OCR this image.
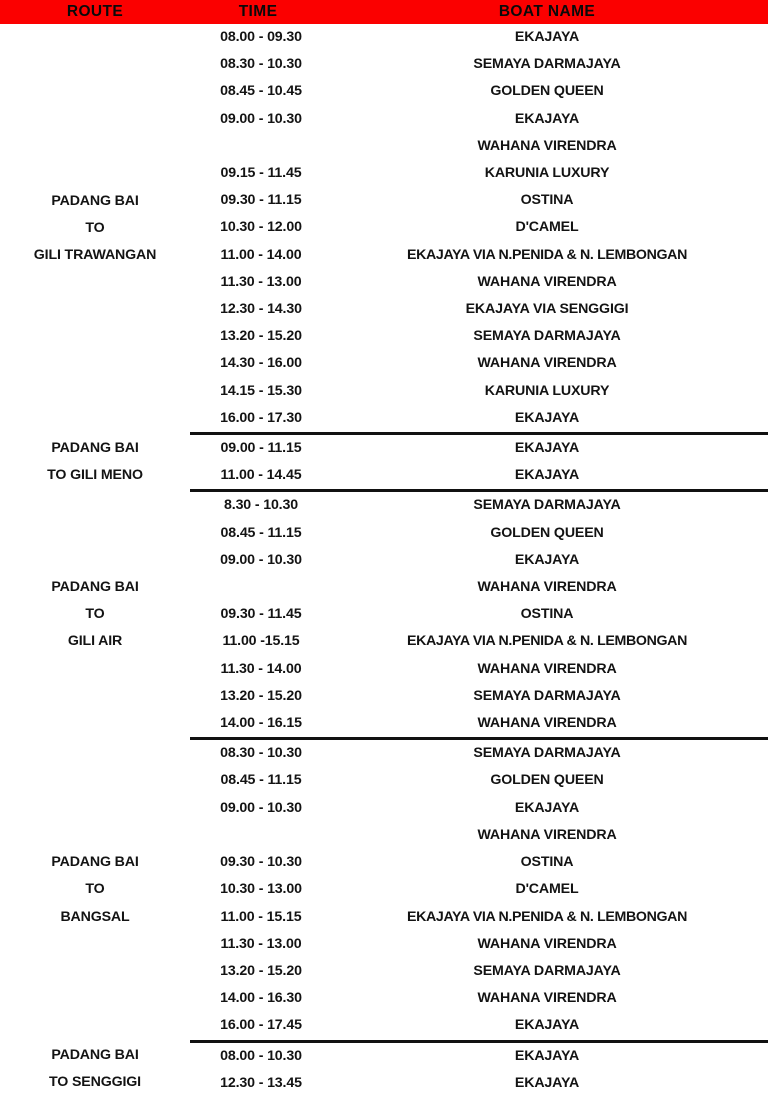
ROUTE	TIME	BOAT NAME

PADANG BAI
TO
GILI TRAWANGAN	08.00 - 09.30	EKAJAYA
	08.30 - 10.30	SEMAYA DARMAJAYA
	08.45 - 10.45	GOLDEN QUEEN
	09.00 - 10.30	EKAJAYA
		WAHANA VIRENDRA
	09.15 - 11.45	KARUNIA LUXURY
	09.30 - 11.15	OSTINA
	10.30 - 12.00	D'CAMEL
	11.00 - 14.00	EKAJAYA VIA N.PENIDA & N. LEMBONGAN
	11.30 - 13.00	WAHANA VIRENDRA
	12.30 - 14.30	EKAJAYA VIA SENGGIGI
	13.20 - 15.20	SEMAYA DARMAJAYA
	14.30 - 16.00	WAHANA VIRENDRA
	14.15 - 15.30	KARUNIA LUXURY
	16.00 - 17.30	EKAJAYA

PADANG BAI
TO GILI MENO	09.00 - 11.15	EKAJAYA
	11.00 - 14.45	EKAJAYA

PADANG BAI
TO
GILI AIR	8.30 - 10.30	SEMAYA DARMAJAYA
	08.45 - 11.15	GOLDEN QUEEN
	09.00 - 10.30	EKAJAYA
		WAHANA VIRENDRA
	09.30 - 11.45	OSTINA
	11.00 -15.15	EKAJAYA VIA N.PENIDA & N. LEMBONGAN
	11.30 - 14.00	WAHANA VIRENDRA
	13.20 - 15.20	SEMAYA DARMAJAYA
	14.00 - 16.15	WAHANA VIRENDRA

PADANG BAI
TO
BANGSAL	08.30 - 10.30	SEMAYA DARMAJAYA
	08.45 - 11.15	GOLDEN QUEEN
	09.00 - 10.30	EKAJAYA
		WAHANA VIRENDRA
	09.30 - 10.30	OSTINA
	10.30 - 13.00	D'CAMEL
	11.00 - 15.15	EKAJAYA VIA N.PENIDA & N. LEMBONGAN
	11.30 - 13.00	WAHANA VIRENDRA
	13.20 - 15.20	SEMAYA DARMAJAYA
	14.00 - 16.30	WAHANA VIRENDRA
	16.00 - 17.45	EKAJAYA

PADANG BAI
TO SENGGIGI	08.00 - 10.30	EKAJAYA
	12.30 - 13.45	EKAJAYA
